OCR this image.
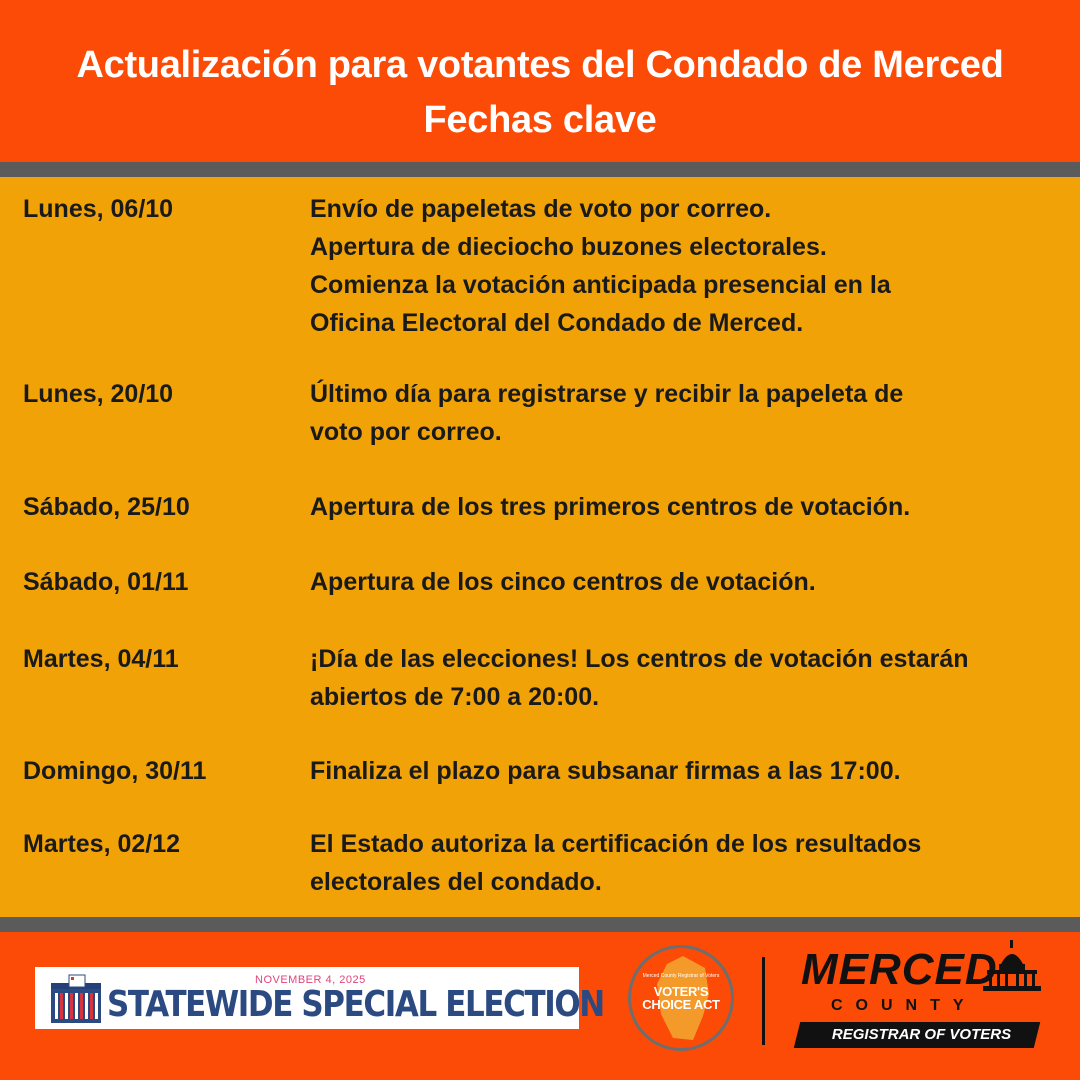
Actualización para votantes del Condado de Merced
Fechas clave
Lunes, 06/10	Envío de papeletas de voto por correo.
Apertura de dieciocho buzones electorales.
Comienza la votación anticipada presencial en la
Oficina Electoral del Condado de Merced.
Lunes, 20/10	Último día para registrarse y recibir la papeleta de
voto por correo.
Sábado, 25/10	Apertura de los tres primeros centros de votación.
Sábado, 01/11	Apertura de los cinco centros de votación.
Martes, 04/11	¡Día de las elecciones! Los centros de votación estarán
abiertos de 7:00 a 20:00.
Domingo, 30/11	Finaliza el plazo para subsanar firmas a las 17:00.
Martes, 02/12	El Estado autoriza la certificación de los resultados
electorales del condado.
NOVEMBER 4, 2025
STATEWIDE SPECIAL ELECTION
Merced County Registrar of Voters
VOTER'S
CHOICE ACT
MERCED
COUNTY
REGISTRAR OF VOTERS
